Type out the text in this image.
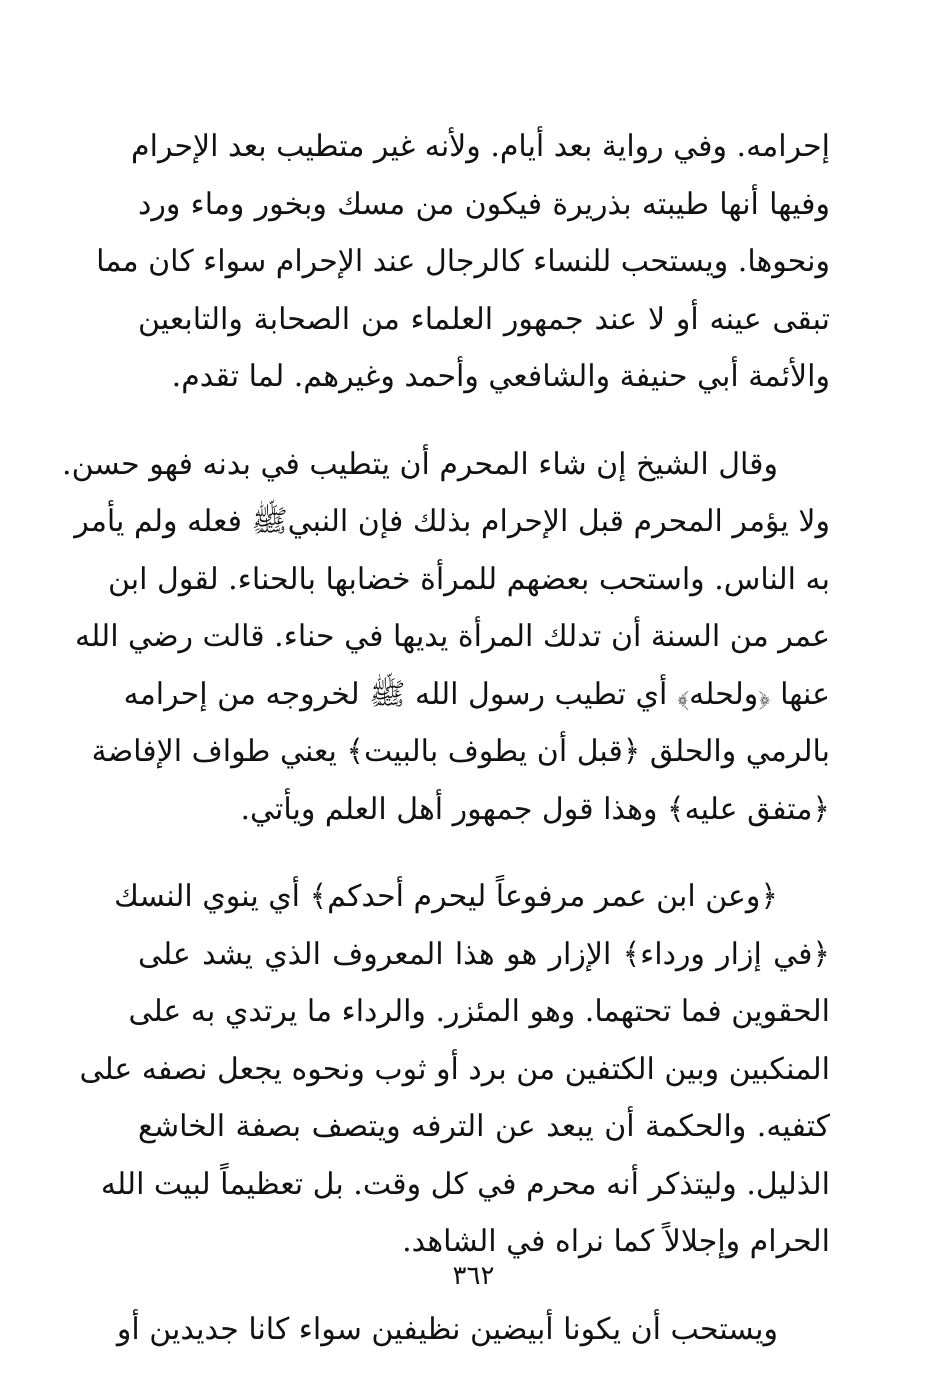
إحرامه. وفي رواية بعد أيام. ولأنه غير متطيب بعد الإحرام
وفيها أنها طيبته بذريرة فيكون من مسك وبخور وماء ورد
ونحوها. ويستحب للنساء كالرجال عند الإحرام سواء كان مما
تبقى عينه أو لا عند جمهور العلماء من الصحابة والتابعين
والأئمة أبي حنيفة والشافعي وأحمد وغيرهم. لما تقدم.
وقال الشيخ إن شاء المحرم أن يتطيب في بدنه فهو حسن.
ولا يؤمر المحرم قبل الإحرام بذلك فإن النبيﷺ فعله ولم يأمر
به الناس. واستحب بعضهم للمرأة خضابها بالحناء. لقول ابن
عمر من السنة أن تدلك المرأة يديها في حناء. قالت رضي الله
عنها ﴿ولحله﴾ أي تطيب رسول الله ﷺ لخروجه من إحرامه
بالرمي والحلق ﴿قبل أن يطوف بالبيت﴾ يعني طواف الإفاضة
﴿متفق عليه﴾ وهذا قول جمهور أهل العلم ويأتي.
﴿وعن ابن عمر مرفوعاً ليحرم أحدكم﴾ أي ينوي النسك
﴿في إزار ورداء﴾ الإزار هو هذا المعروف الذي يشد على
الحقوين فما تحتهما. وهو المئزر. والرداء ما يرتدي به على
المنكبين وبين الكتفين من برد أو ثوب ونحوه يجعل نصفه على
كتفيه. والحكمة أن يبعد عن الترفه ويتصف بصفة الخاشع
الذليل. وليتذكر أنه محرم في كل وقت. بل تعظيماً لبيت الله
الحرام وإجلالاً كما نراه في الشاهد.
ويستحب أن يكونا أبيضين نظيفين سواء كانا جديدين أو
٣٦٢
